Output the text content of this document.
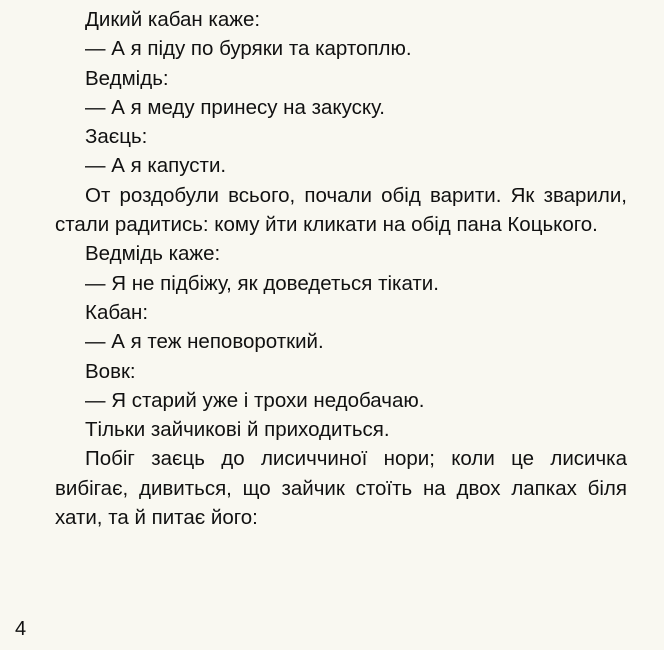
Дикий кабан каже:

— А я піду по буряки та картоплю.

Ведмідь:

— А я меду принесу на закуску.

Заєць:

— А я капусти.

От роздобули всього, почали обід варити. Як зварили, стали радитись: кому йти кликати на обід пана Коцького.

Ведмідь каже:

— Я не підбіжу, як доведеться тікати.

Кабан:

— А я теж неповороткий.

Вовк:

— Я старий уже і трохи недобачаю.

Тільки зайчикові й приходиться.

Побіг заєць до лисиччиної нори; коли це лисичка вибігає, дивиться, що зайчик стоїть на двох лапках біля хати, та й питає його:

4
